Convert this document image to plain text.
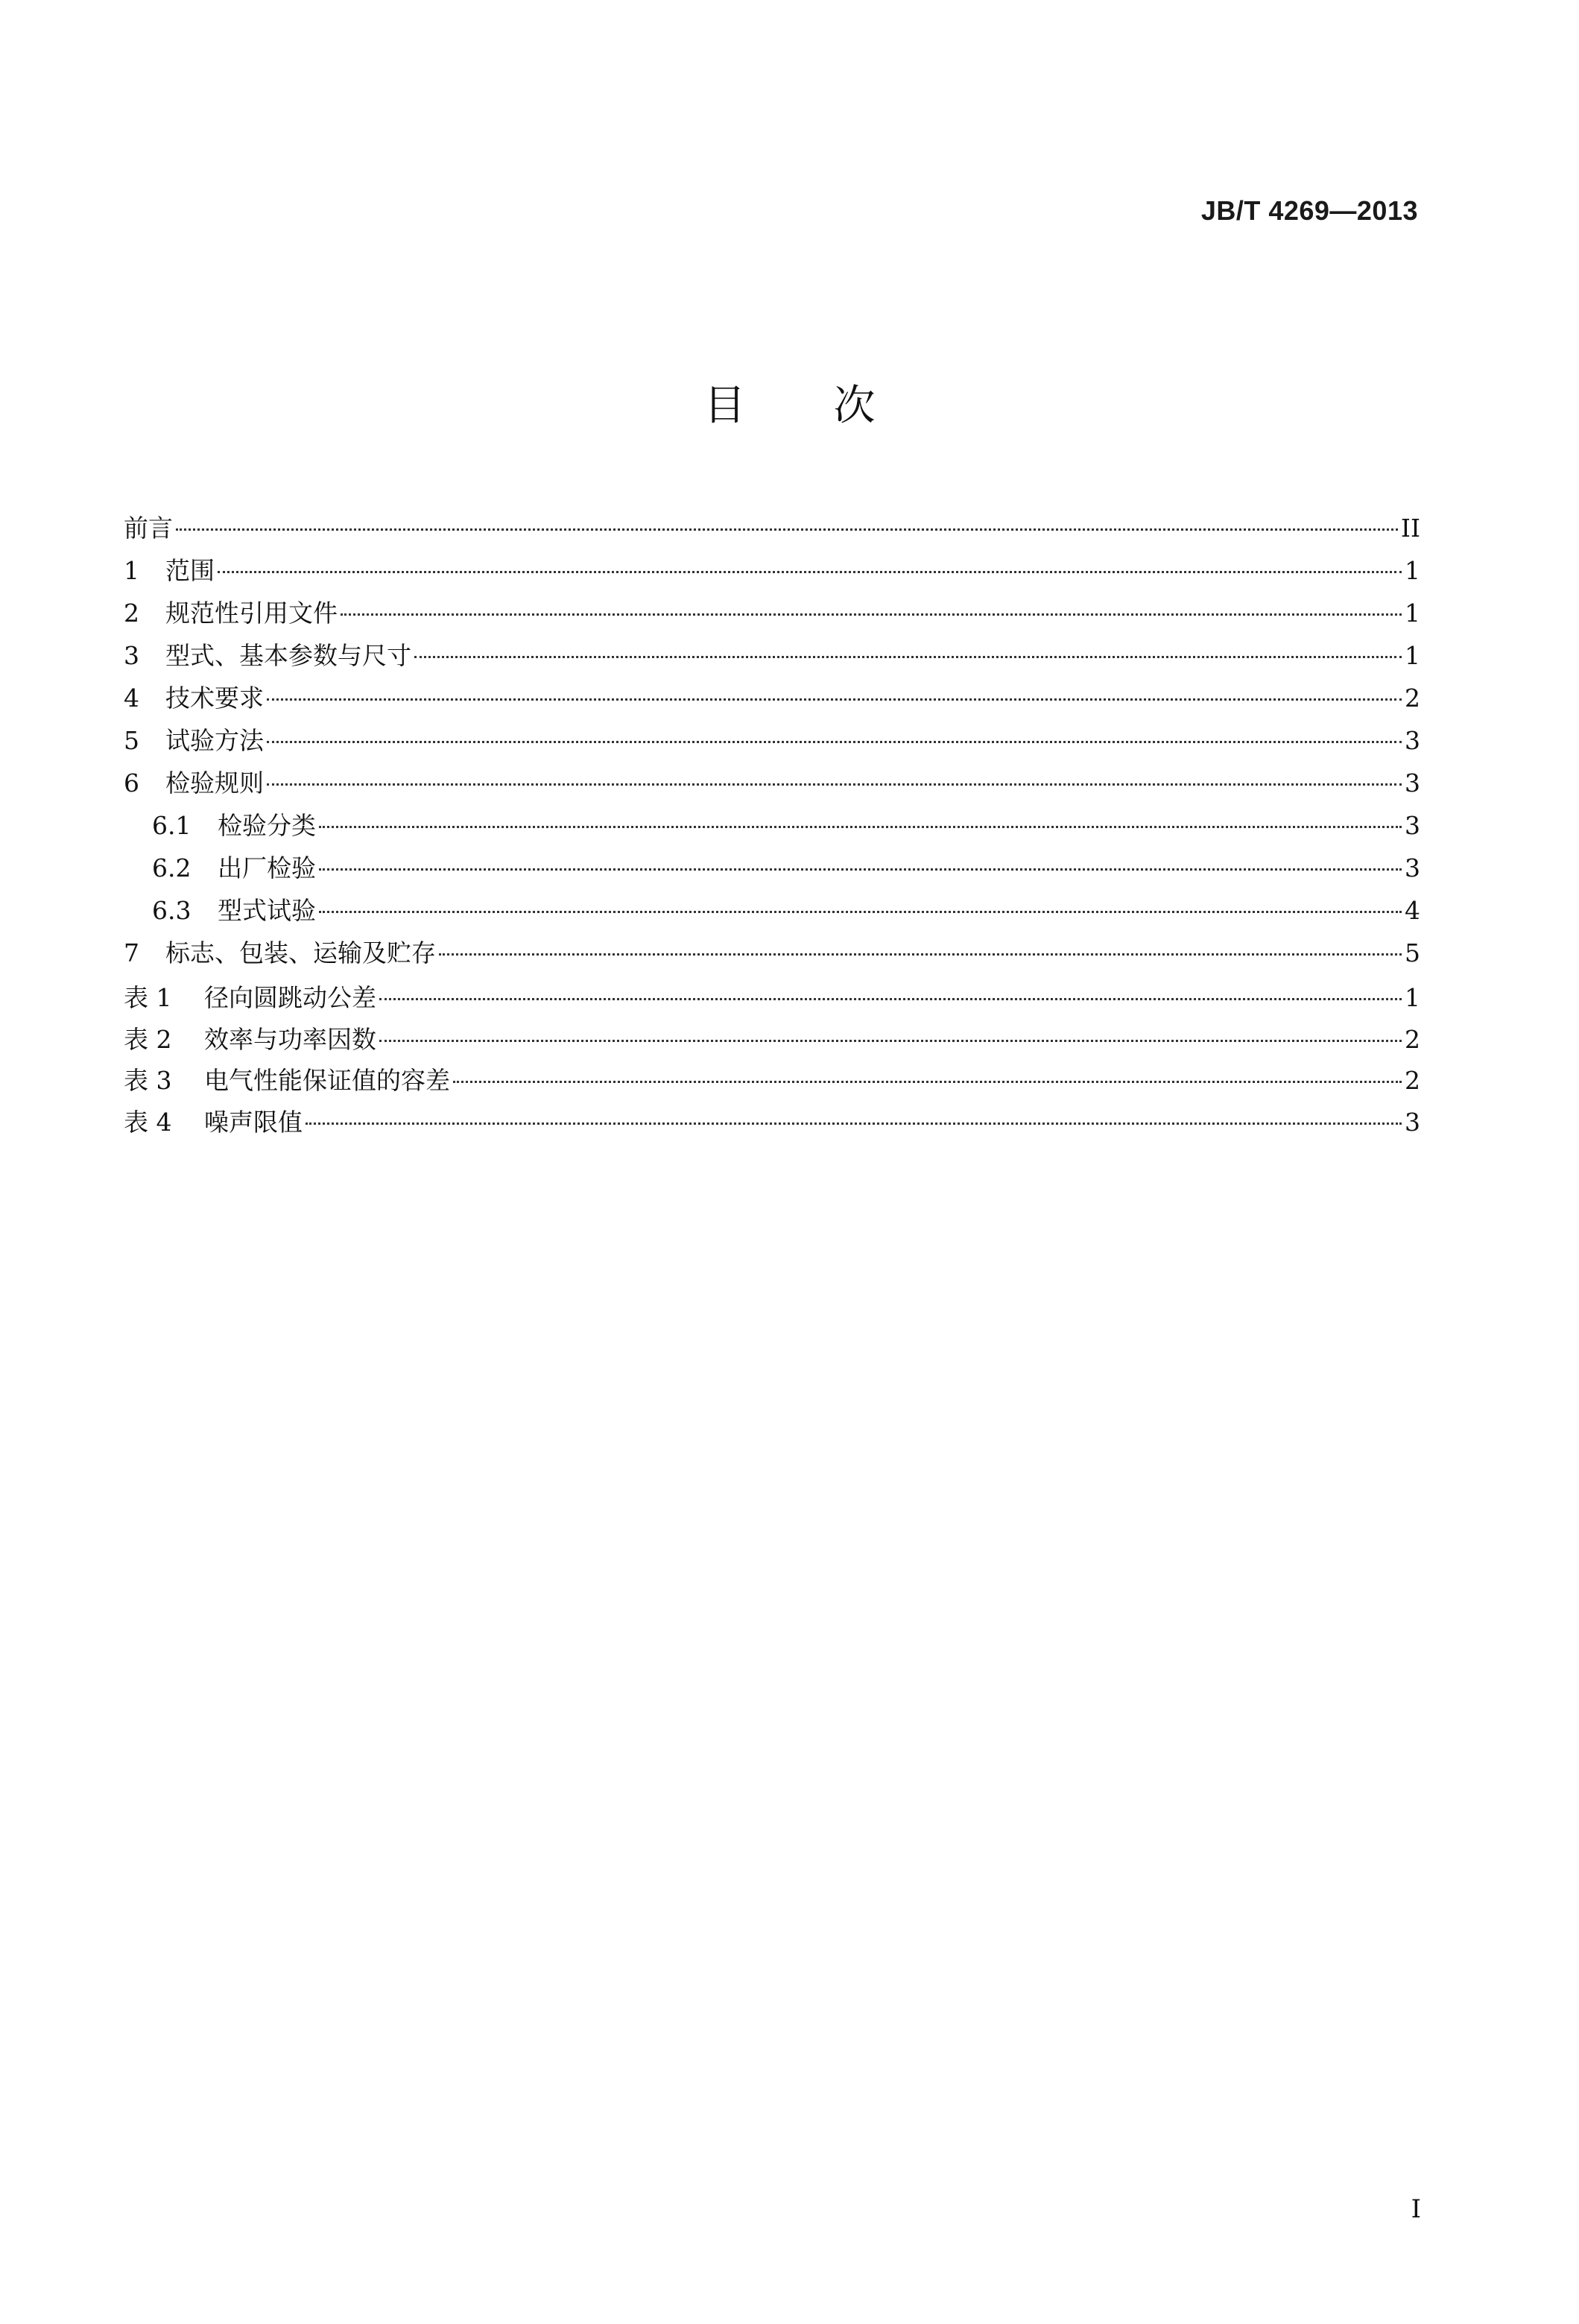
JB/T 4269—2013
目次
前言	II
1	范围	1
2	规范性引用文件	1
3	型式、基本参数与尺寸	1
4	技术要求	2
5	试验方法	3
6	检验规则	3
6.1	检验分类	3
6.2	出厂检验	3
6.3	型式试验	4
7	标志、包装、运输及贮存	5
表 1	径向圆跳动公差	1
表 2	效率与功率因数	2
表 3	电气性能保证值的容差	2
表 4	噪声限值	3
I
